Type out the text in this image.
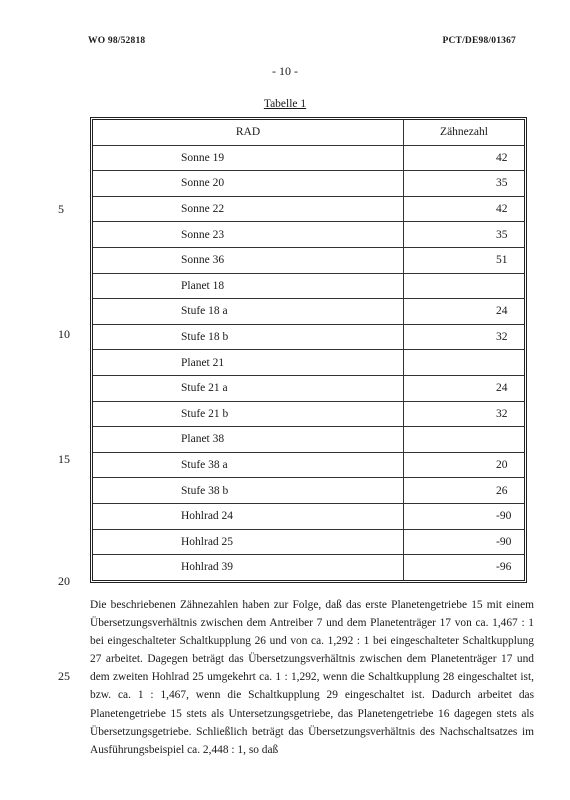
WO 98/52818	PCT/DE98/01367
- 10 -
Tabelle 1
RAD	Zähnezahl
Sonne 19	42
Sonne 20	35
Sonne 22	42
Sonne 23	35
Sonne 36	51
Planet 18	
Stufe 18 a	24
Stufe 18 b	32
Planet 21	
Stufe 21 a	24
Stufe 21 b	32
Planet 38	
Stufe 38 a	20
Stufe 38 b	26
Hohlrad 24	-90
Hohlrad 25	-90
Hohlrad 39	-96
5
10
15
20
25
Die beschriebenen Zähnezahlen haben zur Folge, daß das erste Planetengetriebe 15 mit einem Übersetzungsverhältnis zwischen dem Antreiber 7 und dem Planetenträger 17 von ca. 1,467 : 1 bei eingeschalteter Schaltkupplung 26 und von ca. 1,292 : 1 bei eingeschalteter Schaltkupplung 27 arbeitet. Dagegen beträgt das Übersetzungsverhältnis zwischen dem Planetenträger 17 und dem zweiten Hohlrad 25 umgekehrt ca. 1 : 1,292, wenn die Schaltkupplung 28 eingeschaltet ist, bzw. ca. 1 : 1,467, wenn die Schaltkupplung 29 eingeschaltet ist. Dadurch arbeitet das Planetengetriebe 15 stets als Untersetzungsgetriebe, das Planetengetriebe 16 dagegen stets als Übersetzungsgetriebe. Schließlich beträgt das Übersetzungsverhältnis des Nachschaltsatzes im Ausführungsbeispiel ca. 2,448 : 1, so daß
